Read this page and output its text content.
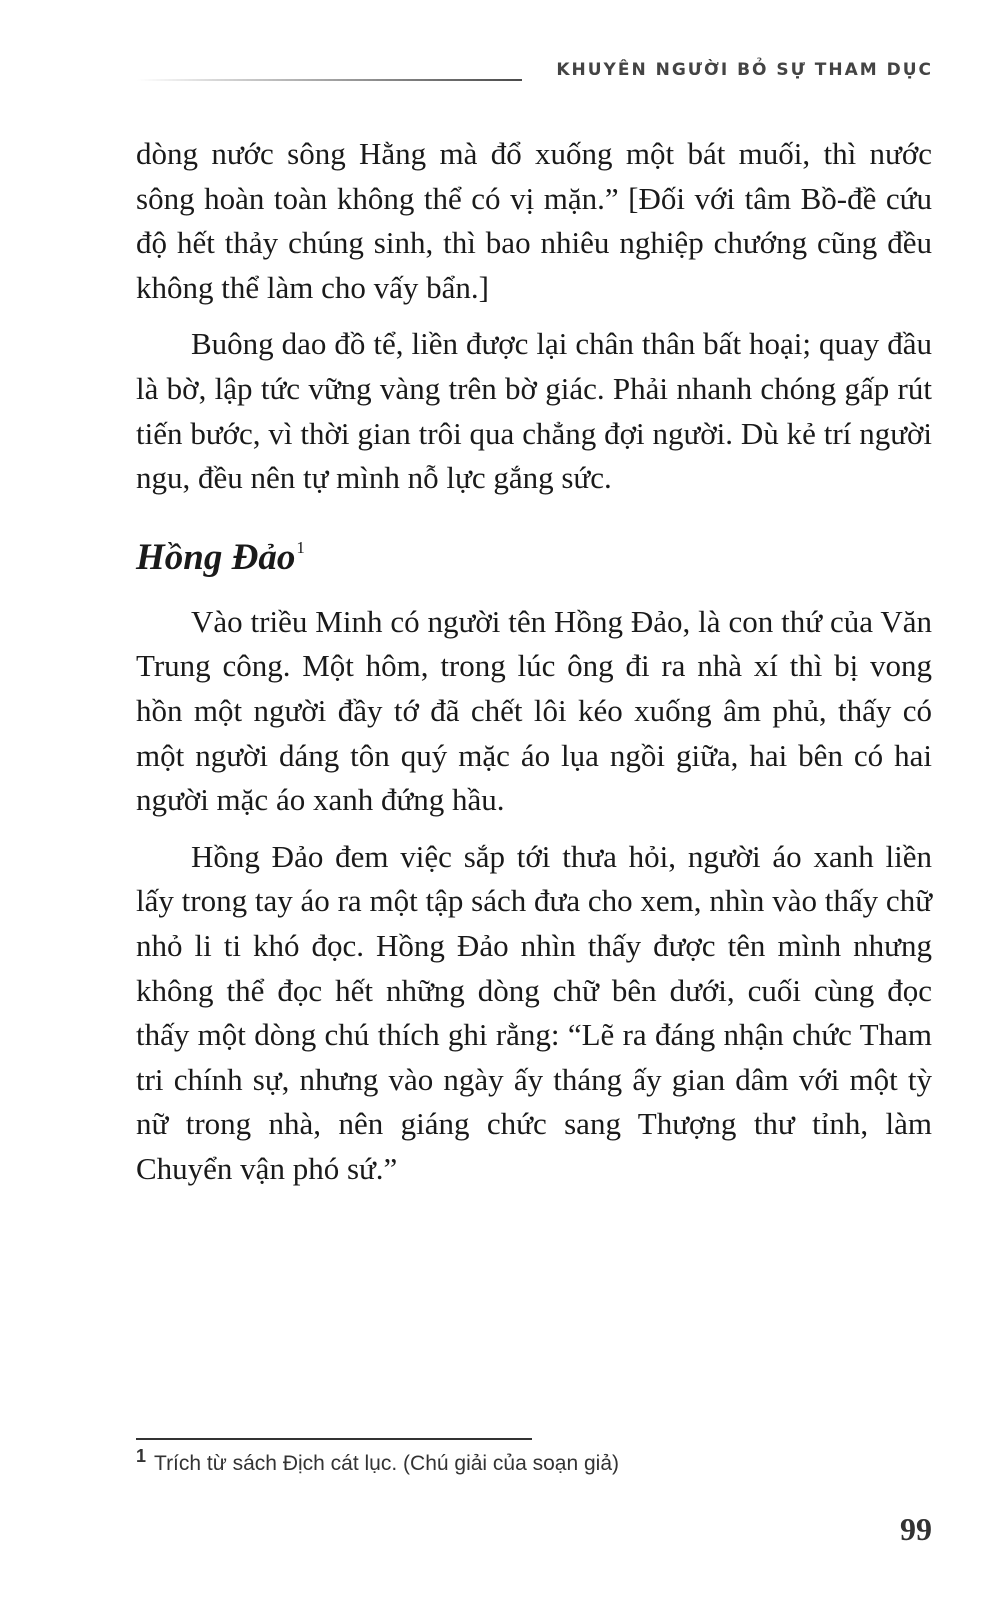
KHUYÊN NGƯỜI BỎ SỰ THAM DỤC

dòng nước sông Hằng mà đổ xuống một bát muối, thì nước sông hoàn toàn không thể có vị mặn.” [Đối với tâm Bồ-đề cứu độ hết thảy chúng sinh, thì bao nhiêu nghiệp chướng cũng đều không thể làm cho vấy bẩn.]

Buông dao đồ tể, liền được lại chân thân bất hoại; quay đầu là bờ, lập tức vững vàng trên bờ giác. Phải nhanh chóng gấp rút tiến bước, vì thời gian trôi qua chẳng đợi người. Dù kẻ trí người ngu, đều nên tự mình nỗ lực gắng sức.

Hồng Đảo$^1$

Vào triều Minh có người tên Hồng Đảo, là con thứ của Văn Trung công. Một hôm, trong lúc ông đi ra nhà xí thì bị vong hồn một người đầy tớ đã chết lôi kéo xuống âm phủ, thấy có một người dáng tôn quý mặc áo lụa ngồi giữa, hai bên có hai người mặc áo xanh đứng hầu.

Hồng Đảo đem việc sắp tới thưa hỏi, người áo xanh liền lấy trong tay áo ra một tập sách đưa cho xem, nhìn vào thấy chữ nhỏ li ti khó đọc. Hồng Đảo nhìn thấy được tên mình nhưng không thể đọc hết những dòng chữ bên dưới, cuối cùng đọc thấy một dòng chú thích ghi rằng: “Lẽ ra đáng nhận chức Tham tri chính sự, nhưng vào ngày ấy tháng ấy gian dâm với một tỳ nữ trong nhà, nên giáng chức sang Thượng thư tỉnh, làm Chuyển vận phó sứ.”

$^1$ Trích từ sách Địch cát lục. (Chú giải của soạn giả)
99
